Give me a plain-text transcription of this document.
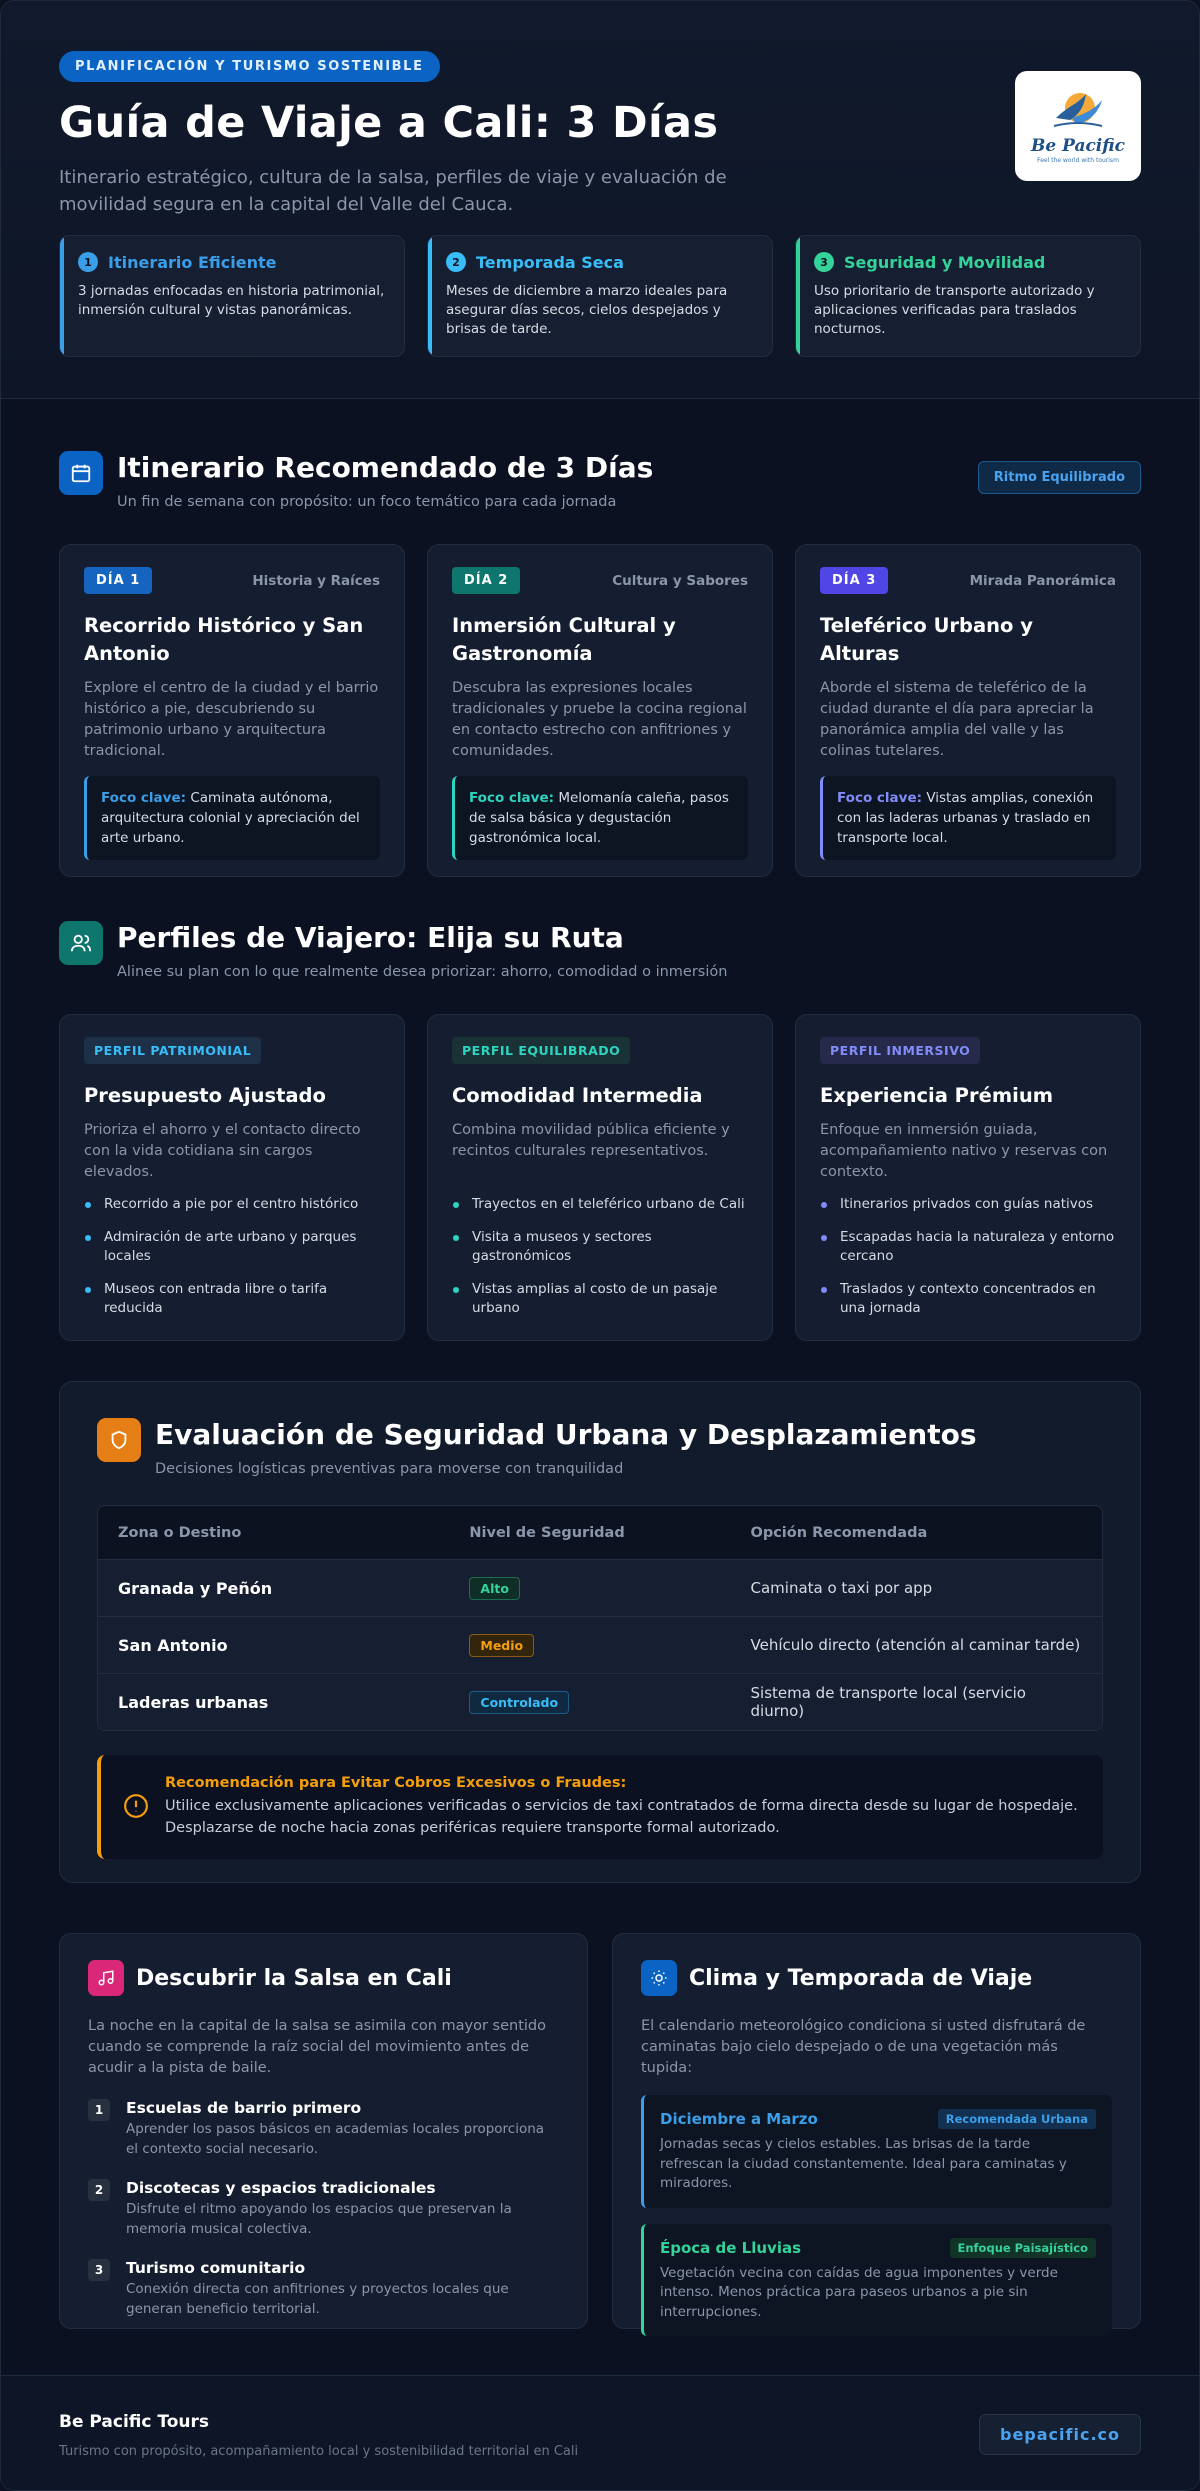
PLANIFICACIÓN Y TURISMO SOSTENIBLE
Guía de Viaje a Cali: 3 Días

Itinerario estratégico, cultura de la salsa, perfiles de viaje y evaluación de movilidad segura en la capital del Valle del Cauca.

Be Pacific
Feel the world with tourism
1	Itinerario Eficiente

3 jornadas enfocadas en historia patrimonial, inmersión cultural y vistas panorámicas.

2	Temporada Seca

Meses de diciembre a marzo ideales para asegurar días secos, cielos despejados y brisas de tarde.

3	Seguridad y Movilidad

Uso prioritario de transporte autorizado y aplicaciones verificadas para traslados nocturnos.

Itinerario Recomendado de 3 Días

Un fin de semana con propósito: un foco temático para cada jornada

Ritmo Equilibrado
DÍA 1	Historia y Raíces
Recorrido Histórico y San Antonio

Explore el centro de la ciudad y el barrio histórico a pie, descubriendo su patrimonio urbano y arquitectura tradicional.

Foco clave: Caminata autónoma, arquitectura colonial y apreciación del arte urbano.
DÍA 2	Cultura y Sabores
Inmersión Cultural y Gastronomía

Descubra las expresiones locales tradicionales y pruebe la cocina regional en contacto estrecho con anfitriones y comunidades.

Foco clave: Melomanía caleña, pasos de salsa básica y degustación gastronómica local.
DÍA 3	Mirada Panorámica
Teleférico Urbano y Alturas

Aborde el sistema de teleférico de la ciudad durante el día para apreciar la panorámica amplia del valle y las colinas tutelares.

Foco clave: Vistas amplias, conexión con las laderas urbanas y traslado en transporte local.
Perfiles de Viajero: Elija su Ruta

Alinee su plan con lo que realmente desea priorizar: ahorro, comodidad o inmersión

PERFIL PATRIMONIAL
Presupuesto Ajustado

Prioriza el ahorro y el contacto directo con la vida cotidiana sin cargos elevados.

Recorrido a pie por el centro histórico
Admiración de arte urbano y parques locales
Museos con entrada libre o tarifa reducida
PERFIL EQUILIBRADO
Comodidad Intermedia

Combina movilidad pública eficiente y recintos culturales representativos.

Trayectos en el teleférico urbano de Cali
Visita a museos y sectores gastronómicos
Vistas amplias al costo de un pasaje urbano
PERFIL INMERSIVO
Experiencia Prémium

Enfoque en inmersión guiada, acompañamiento nativo y reservas con contexto.

Itinerarios privados con guías nativos
Escapadas hacia la naturaleza y entorno cercano
Traslados y contexto concentrados en una jornada
Evaluación de Seguridad Urbana y Desplazamientos

Decisiones logísticas preventivas para moverse con tranquilidad

Zona o Destino	Nivel de Seguridad	Opción Recomendada
Granada y Peñón	Alto	Caminata o taxi por app
San Antonio	Medio	Vehículo directo (atención al caminar tarde)
Laderas urbanas	Controlado	Sistema de transporte local (servicio diurno)
Recomendación para Evitar Cobros Excesivos o Fraudes:
Utilice exclusivamente aplicaciones verificadas o servicios de taxi contratados de forma directa desde su lugar de hospedaje. Desplazarse de noche hacia zonas periféricas requiere transporte formal autorizado.
Descubrir la Salsa en Cali

La noche en la capital de la salsa se asimila con mayor sentido cuando se comprende la raíz social del movimiento antes de acudir a la pista de baile.

1	Escuelas de barrio primero
Aprender los pasos básicos en academias locales proporciona el contexto social necesario.
2	Discotecas y espacios tradicionales
Disfrute el ritmo apoyando los espacios que preservan la memoria musical colectiva.
3	Turismo comunitario
Conexión directa con anfitriones y proyectos locales que generan beneficio territorial.
Clima y Temporada de Viaje

El calendario meteorológico condiciona si usted disfrutará de caminatas bajo cielo despejado o de una vegetación más tupida:

Diciembre a Marzo	Recomendada Urbana

Jornadas secas y cielos estables. Las brisas de la tarde refrescan la ciudad constantemente. Ideal para caminatas y miradores.

Época de Lluvias	Enfoque Paisajístico

Vegetación vecina con caídas de agua imponentes y verde intenso. Menos práctica para paseos urbanos a pie sin interrupciones.

Be Pacific Tours
Turismo con propósito, acompañamiento local y sostenibilidad territorial en Cali
bepacific.co
